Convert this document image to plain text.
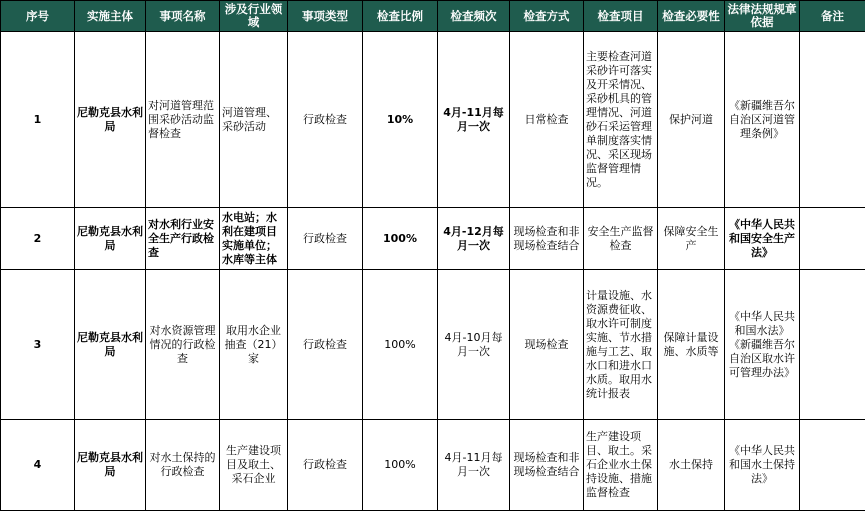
序号	实施主体	事项名称	涉及行业领域	事项类型	检查比例	检查频次	检查方式	检查项目	检查必要性	法律法规规章依据	备注
1	尼勒克县水利局	对河道管理范围采砂活动监督检查	河道管理、采砂活动	行政检查	10%	4月-11月每月一次	日常检查	主要检查河道采砂许可落实及开采情况、采砂机具的管理情况、河道砂石采运管理单制度落实情况、采区现场监督管理情况。	保护河道	《新疆维吾尔自治区河道管理条例》	
2	尼勒克县水利局	对水利行业安全生产行政检查	水电站；水利在建项目实施单位；水库等主体	行政检查	100%	4月-12月每月一次	现场检查和非现场检查结合	安全生产监督检查	保障安全生产	《中华人民共和国安全生产法》	
3	尼勒克县水利局	对水资源管理情况的行政检查	取用水企业抽查（21）家	行政检查	100%	4月-10月每月一次	现场检查	计量设施、水资源费征收、取水许可制度实施、节水措施与工艺、取水口和进水口水质。取用水统计报表	保障计量设施、水质等	《中华人民共和国水法》《新疆维吾尔自治区取水许可管理办法》	
4	尼勒克县水利局	对水土保持的行政检查	生产建设项目及取土、采石企业	行政检查	100%	4月-11月每月一次	现场检查和非现场检查结合	生产建设项目、取土。采石企业水土保持设施、措施监督检查	水土保持	《中华人民共和国水土保持法》	
